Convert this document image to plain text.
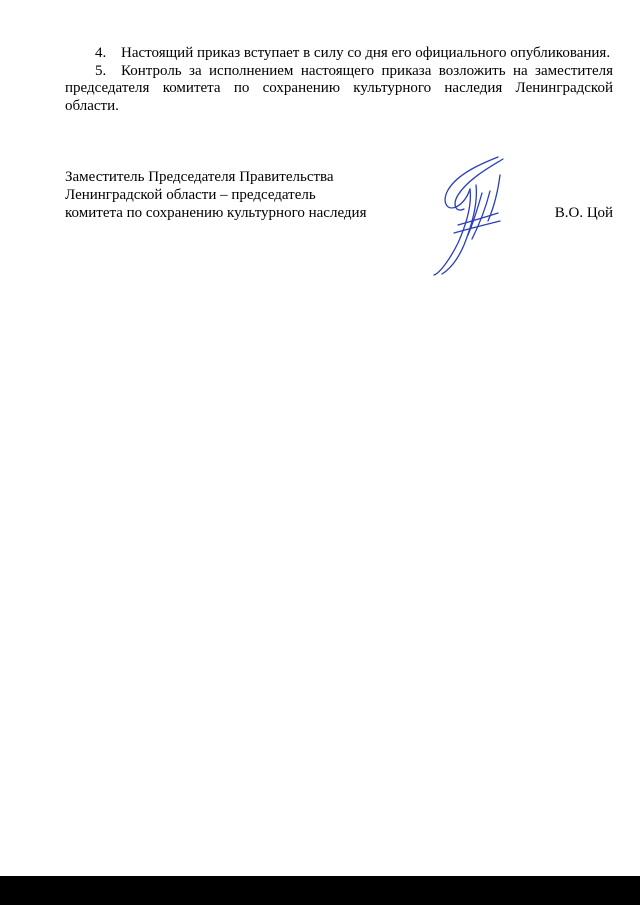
4. Настоящий приказ вступает в силу со дня его официального опубликования.

5. Контроль за исполнением настоящего приказа возложить на заместителя председателя комитета по сохранению культурного наследия Ленинградской области.

Заместитель Председателя Правительства
Ленинградской области – председатель
комитета по сохранению культурного наследия	В.О. Цой
